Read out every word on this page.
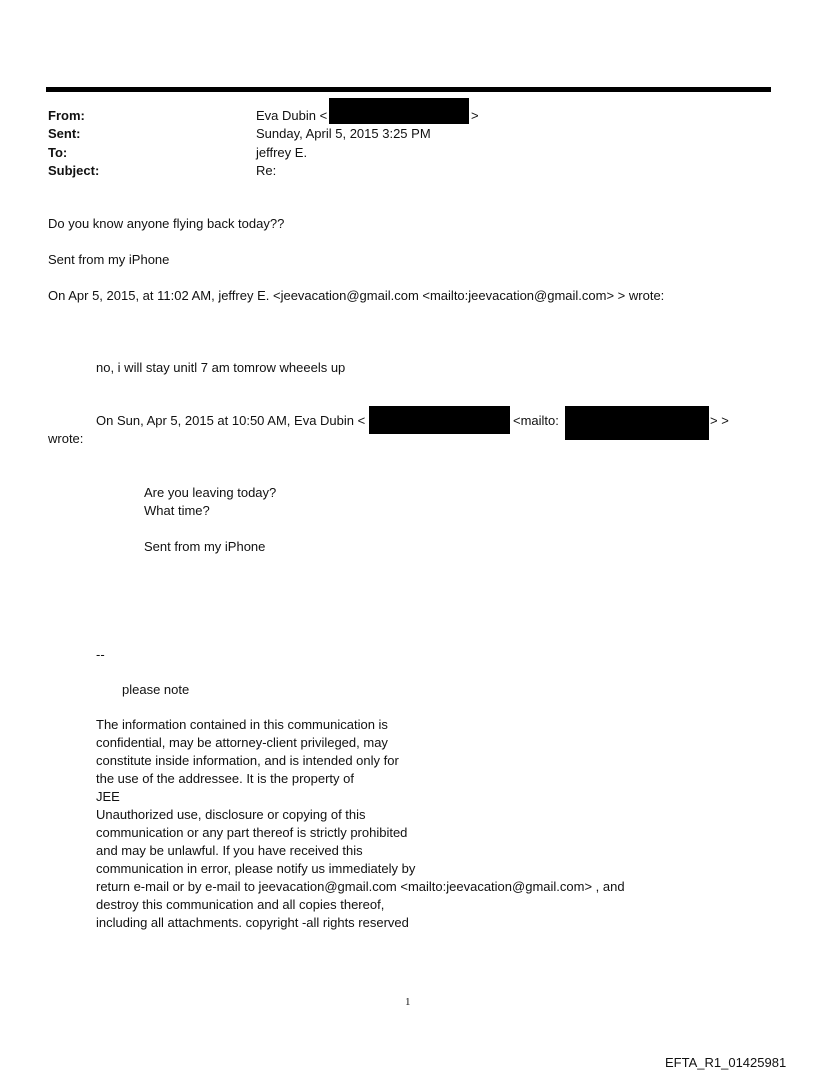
From:	Eva Dubin <	>
Sent:	Sunday, April 5, 2015 3:25 PM
To:	jeffrey E.
Subject:	Re:
Do you know anyone flying back today??
Sent from my iPhone
On Apr 5, 2015, at 11:02 AM, jeffrey E. <jeevacation@gmail.com <mailto:jeevacation@gmail.com> > wrote:
no, i will stay unitl 7 am tomrow wheeels up
On Sun, Apr 5, 2015 at 10:50 AM, Eva Dubin <	<mailto:	> >
wrote:
Are you leaving today?
What time?
Sent from my iPhone
--
please note
The information contained in this communication is
confidential, may be attorney-client privileged, may
constitute inside information, and is intended only for
the use of the addressee. It is the property of
JEE
Unauthorized use, disclosure or copying of this
communication or any part thereof is strictly prohibited
and may be unlawful. If you have received this
communication in error, please notify us immediately by
return e-mail or by e-mail to jeevacation@gmail.com <mailto:jeevacation@gmail.com> , and
destroy this communication and all copies thereof,
including all attachments. copyright -all rights reserved
1
EFTA_R1_01425981
